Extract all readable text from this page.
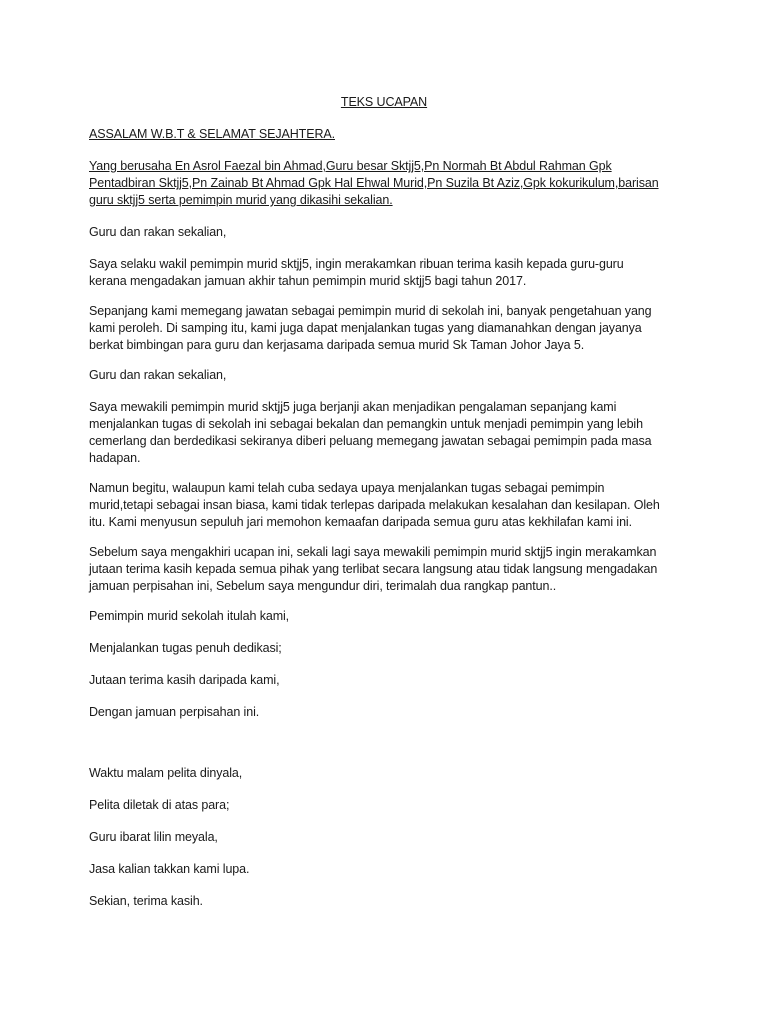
TEKS UCAPAN

ASSALAM W.B.T & SELAMAT SEJAHTERA.

Yang berusaha En Asrol Faezal bin Ahmad,Guru besar Sktjj5,Pn Normah Bt Abdul Rahman Gpk
Pentadbiran Sktjj5,Pn Zainab Bt Ahmad Gpk Hal Ehwal Murid,Pn Suzila Bt Aziz,Gpk kokurikulum,barisan
guru sktjj5 serta pemimpin murid yang dikasihi sekalian.

Guru dan rakan sekalian,

Saya selaku wakil pemimpin murid sktjj5, ingin merakamkan ribuan terima kasih kepada guru-guru
kerana mengadakan jamuan akhir tahun pemimpin murid sktjj5 bagi tahun 2017.

Sepanjang kami memegang jawatan sebagai pemimpin murid di sekolah ini, banyak pengetahuan yang
kami peroleh. Di samping itu, kami juga dapat menjalankan tugas yang diamanahkan dengan jayanya
berkat bimbingan para guru dan kerjasama daripada semua murid Sk Taman Johor Jaya 5.

Guru dan rakan sekalian,

Saya mewakili pemimpin murid sktjj5 juga berjanji akan menjadikan pengalaman sepanjang kami
menjalankan tugas di sekolah ini sebagai bekalan dan pemangkin untuk menjadi pemimpin yang lebih
cemerlang dan berdedikasi sekiranya diberi peluang memegang jawatan sebagai pemimpin pada masa
hadapan.

Namun begitu, walaupun kami telah cuba sedaya upaya menjalankan tugas sebagai pemimpin
murid,tetapi sebagai insan biasa, kami tidak terlepas daripada melakukan kesalahan dan kesilapan. Oleh
itu. Kami menyusun sepuluh jari memohon kemaafan daripada semua guru atas kekhilafan kami ini.

Sebelum saya mengakhiri ucapan ini, sekali lagi saya mewakili pemimpin murid sktjj5 ingin merakamkan
jutaan terima kasih kepada semua pihak yang terlibat secara langsung atau tidak langsung mengadakan
jamuan perpisahan ini, Sebelum saya mengundur diri, terimalah dua rangkap pantun..

Pemimpin murid sekolah itulah kami,

Menjalankan tugas penuh dedikasi;

Jutaan terima kasih daripada kami,

Dengan jamuan perpisahan ini.

Waktu malam pelita dinyala,

Pelita diletak di atas para;

Guru ibarat lilin meyala,

Jasa kalian takkan kami lupa.

Sekian, terima kasih.
